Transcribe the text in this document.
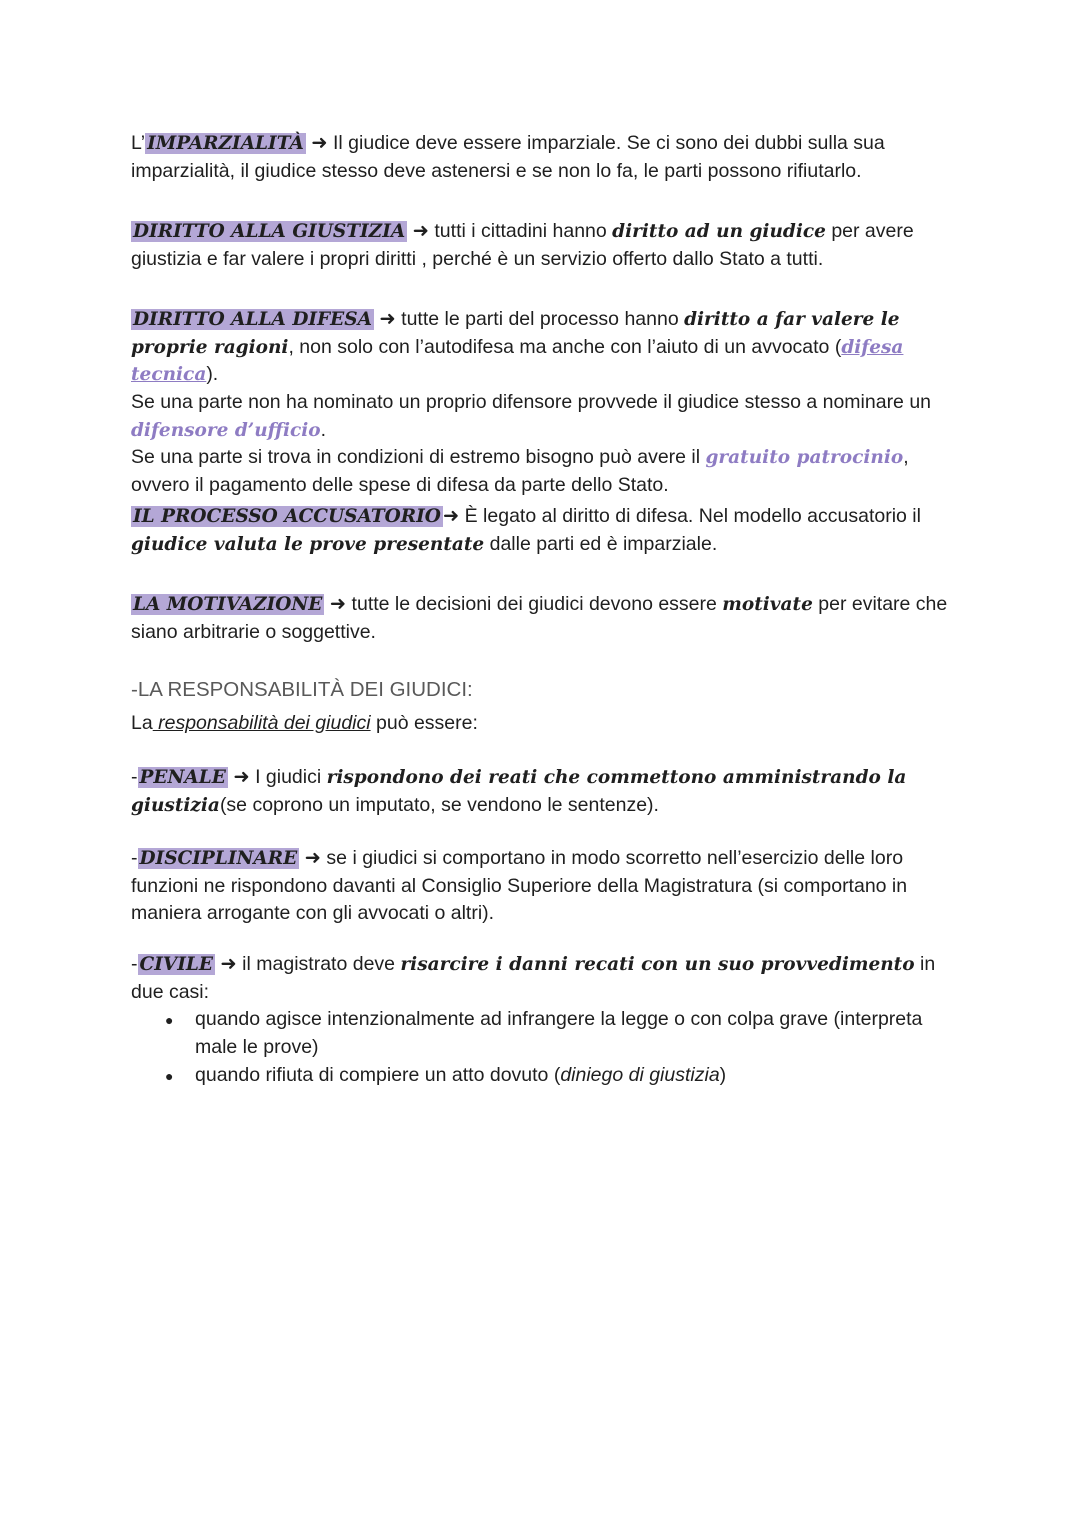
L’ IMPARZIALITÀ ➜ Il giudice deve essere imparziale. Se ci sono dei dubbi sulla sua imparzialità, il giudice stesso deve astenersi e se non lo fa, le parti possono rifiutarlo.

DIRITTO ALLA GIUSTIZIA ➜ tutti i cittadini hanno diritto ad un giudice per avere giustizia e far valere i propri diritti , perché è un servizio offerto dallo Stato a tutti.

DIRITTO ALLA DIFESA ➜ tutte le parti del processo hanno diritto a far valere le proprie ragioni, non solo con l’autodifesa ma anche con l’aiuto di un avvocato (difesa tecnica).
Se una parte non ha nominato un proprio difensore provvede il giudice stesso a nominare un difensore d’ufficio.
Se una parte si trova in condizioni di estremo bisogno può avere il gratuito patrocinio, ovvero il pagamento delle spese di difesa da parte dello Stato.

IL PROCESSO ACCUSATORIO ➜ È legato al diritto di difesa. Nel modello accusatorio il giudice valuta le prove presentate dalle parti ed è imparziale.

LA MOTIVAZIONE ➜ tutte le decisioni dei giudici devono essere motivate per evitare che siano arbitrarie o soggettive.

-LA RESPONSABILITÀ DEI GIUDICI:
La responsabilità dei giudici può essere:

- PENALE ➜ I giudici rispondono dei reati che commettono amministrando la giustizia(se coprono un imputato, se vendono le sentenze).

- DISCIPLINARE ➜ se i giudici si comportano in modo scorretto nell’esercizio delle loro funzioni ne rispondono davanti al Consiglio Superiore della Magistratura (si comportano in maniera arrogante con gli avvocati o altri).

- CIVILE ➜ il magistrato deve risarcire i danni recati con un suo provvedimento in due casi:
● quando agisce intenzionalmente ad infrangere la legge o con colpa grave (interpreta male le prove)
● quando rifiuta di compiere un atto dovuto (diniego di giustizia)
